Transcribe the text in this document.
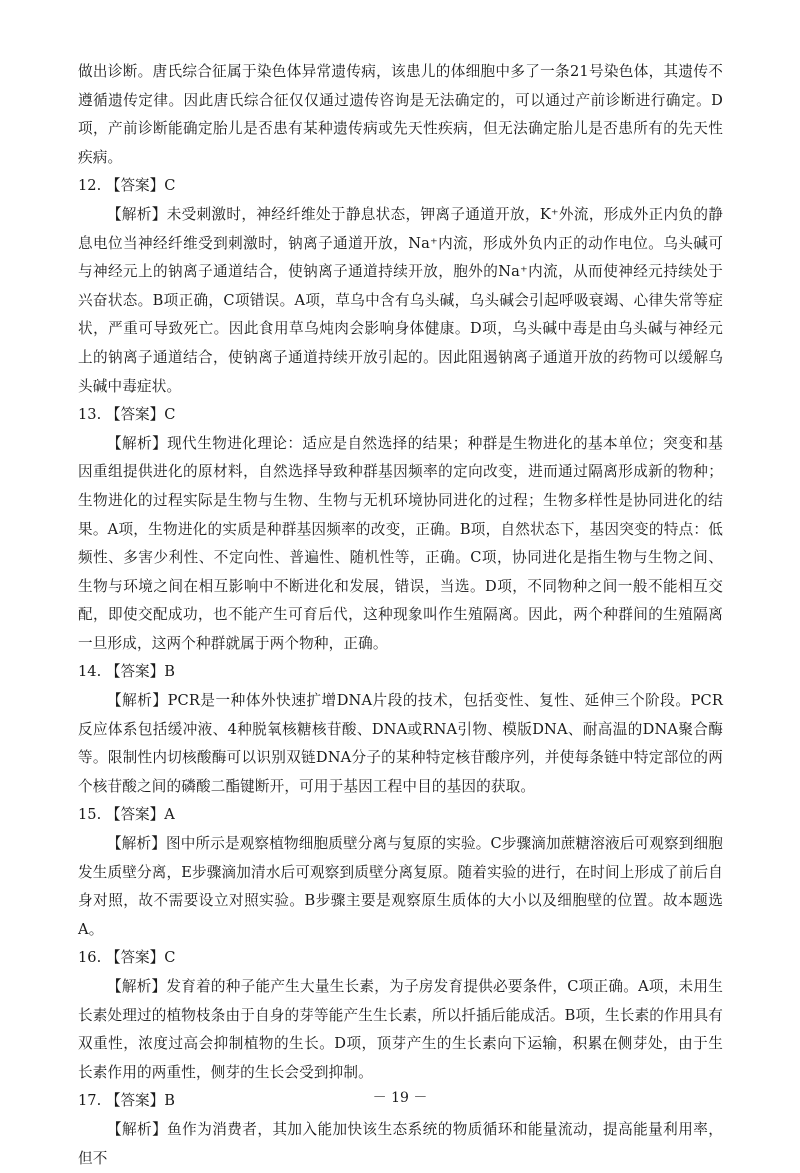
做出诊断。唐氏综合征属于染色体异常遗传病，该患儿的体细胞中多了一条21号染色体，其遗传不遵循遗传定律。因此唐氏综合征仅仅通过遗传咨询是无法确定的，可以通过产前诊断进行确定。D项，产前诊断能确定胎儿是否患有某种遗传病或先天性疾病，但无法确定胎儿是否患所有的先天性疾病。

12. 【答案】C

【解析】未受刺激时，神经纤维处于静息状态，钾离子通道开放，K⁺外流，形成外正内负的静息电位当神经纤维受到刺激时，钠离子通道开放，Na⁺内流，形成外负内正的动作电位。乌头碱可与神经元上的钠离子通道结合，使钠离子通道持续开放，胞外的Na⁺内流，从而使神经元持续处于兴奋状态。B项正确，C项错误。A项，草乌中含有乌头碱，乌头碱会引起呼吸衰竭、心律失常等症状，严重可导致死亡。因此食用草乌炖肉会影响身体健康。D项，乌头碱中毒是由乌头碱与神经元上的钠离子通道结合，使钠离子通道持续开放引起的。因此阻遏钠离子通道开放的药物可以缓解乌头碱中毒症状。

13. 【答案】C

【解析】现代生物进化理论：适应是自然选择的结果；种群是生物进化的基本单位；突变和基因重组提供进化的原材料，自然选择导致种群基因频率的定向改变，进而通过隔离形成新的物种；生物进化的过程实际是生物与生物、生物与无机环境协同进化的过程；生物多样性是协同进化的结果。A项，生物进化的实质是种群基因频率的改变，正确。B项，自然状态下，基因突变的特点：低频性、多害少利性、不定向性、普遍性、随机性等，正确。C项，协同进化是指生物与生物之间、生物与环境之间在相互影响中不断进化和发展，错误，当选。D项，不同物种之间一般不能相互交配，即使交配成功，也不能产生可育后代，这种现象叫作生殖隔离。因此，两个种群间的生殖隔离一旦形成，这两个种群就属于两个物种，正确。

14. 【答案】B

【解析】PCR是一种体外快速扩增DNA片段的技术，包括变性、复性、延伸三个阶段。PCR反应体系包括缓冲液、4种脱氧核糖核苷酸、DNA或RNA引物、模版DNA、耐高温的DNA聚合酶等。限制性内切核酸酶可以识别双链DNA分子的某种特定核苷酸序列，并使每条链中特定部位的两个核苷酸之间的磷酸二酯键断开，可用于基因工程中目的基因的获取。

15. 【答案】A

【解析】图中所示是观察植物细胞质壁分离与复原的实验。C步骤滴加蔗糖溶液后可观察到细胞发生质壁分离，E步骤滴加清水后可观察到质壁分离复原。随着实验的进行，在时间上形成了前后自身对照，故不需要设立对照实验。B步骤主要是观察原生质体的大小以及细胞壁的位置。故本题选A。

16. 【答案】C

【解析】发育着的种子能产生大量生长素，为子房发育提供必要条件，C项正确。A项，未用生长素处理过的植物枝条由于自身的芽等能产生生长素，所以扦插后能成活。B项，生长素的作用具有双重性，浓度过高会抑制植物的生长。D项，顶芽产生的生长素向下运输，积累在侧芽处，由于生长素作用的两重性，侧芽的生长会受到抑制。

17. 【答案】B

【解析】鱼作为消费者，其加入能加快该生态系统的物质循环和能量流动，提高能量利用率，但不

－ 19 －
